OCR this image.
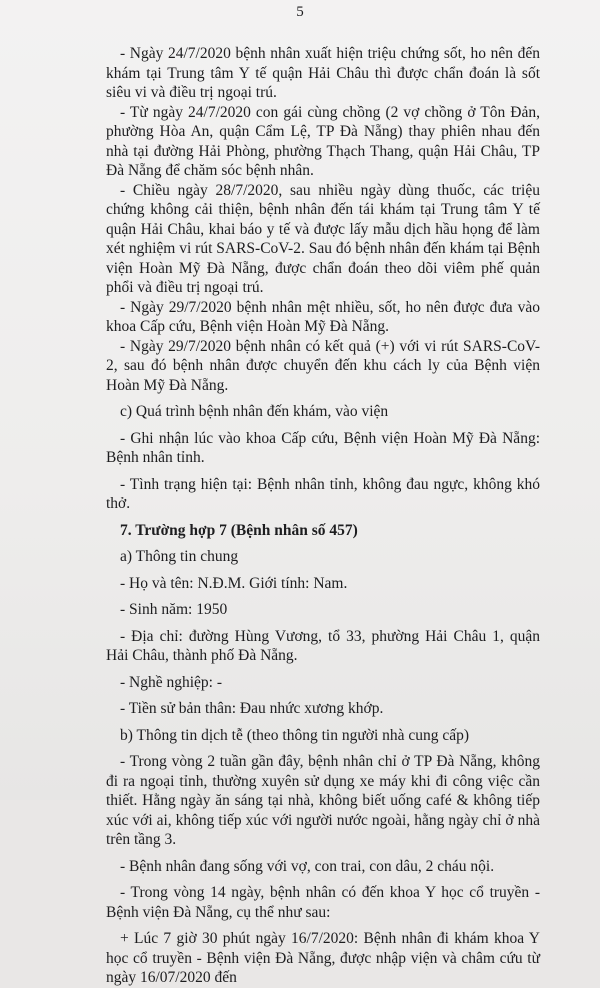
5

- Ngày 24/7/2020 bệnh nhân xuất hiện triệu chứng sốt, ho nên đến khám tại Trung tâm Y tế quận Hải Châu thì được chẩn đoán là sốt siêu vi và điều trị ngoại trú.

- Từ ngày 24/7/2020 con gái cùng chồng (2 vợ chồng ở Tôn Đản, phường Hòa An, quận Cẩm Lệ, TP Đà Nẵng) thay phiên nhau đến nhà tại đường Hải Phòng, phường Thạch Thang, quận Hải Châu, TP Đà Nẵng để chăm sóc bệnh nhân.

- Chiều ngày 28/7/2020, sau nhiều ngày dùng thuốc, các triệu chứng không cải thiện, bệnh nhân đến tái khám tại Trung tâm Y tế quận Hải Châu, khai báo y tế và được lấy mẫu dịch hầu họng để làm xét nghiệm vi rút SARS-CoV-2. Sau đó bệnh nhân đến khám tại Bệnh viện Hoàn Mỹ Đà Nẵng, được chẩn đoán theo dõi viêm phế quản phổi và điều trị ngoại trú.

- Ngày 29/7/2020 bệnh nhân mệt nhiều, sốt, ho nên được đưa vào khoa Cấp cứu, Bệnh viện Hoàn Mỹ Đà Nẵng.

- Ngày 29/7/2020 bệnh nhân có kết quả (+) với vi rút SARS-CoV-2, sau đó bệnh nhân được chuyển đến khu cách ly của Bệnh viện Hoàn Mỹ Đà Nẵng.

c) Quá trình bệnh nhân đến khám, vào viện

- Ghi nhận lúc vào khoa Cấp cứu, Bệnh viện Hoàn Mỹ Đà Nẵng: Bệnh nhân tỉnh.

- Tình trạng hiện tại: Bệnh nhân tỉnh, không đau ngực, không khó thở.

7. Trường hợp 7 (Bệnh nhân số 457)

a) Thông tin chung

- Họ và tên: N.Đ.M. Giới tính: Nam.

- Sinh năm: 1950

- Địa chỉ: đường Hùng Vương, tổ 33, phường Hải Châu 1, quận Hải Châu, thành phố Đà Nẵng.

- Nghề nghiệp: -

- Tiền sử bản thân: Đau nhức xương khớp.

b) Thông tin dịch tễ (theo thông tin người nhà cung cấp)

- Trong vòng 2 tuần gần đây, bệnh nhân chỉ ở TP Đà Nẵng, không đi ra ngoại tỉnh, thường xuyên sử dụng xe máy khi đi công việc cần thiết. Hằng ngày ăn sáng tại nhà, không biết uống café & không tiếp xúc với ai, không tiếp xúc với người nước ngoài, hằng ngày chỉ ở nhà trên tầng 3.

- Bệnh nhân đang sống với vợ, con trai, con dâu, 2 cháu nội.

- Trong vòng 14 ngày, bệnh nhân có đến khoa Y học cổ truyền - Bệnh viện Đà Nẵng, cụ thể như sau:

+ Lúc 7 giờ 30 phút ngày 16/7/2020: Bệnh nhân đi khám khoa Y học cổ truyền - Bệnh viện Đà Nẵng, được nhập viện và châm cứu từ ngày 16/07/2020 đến
